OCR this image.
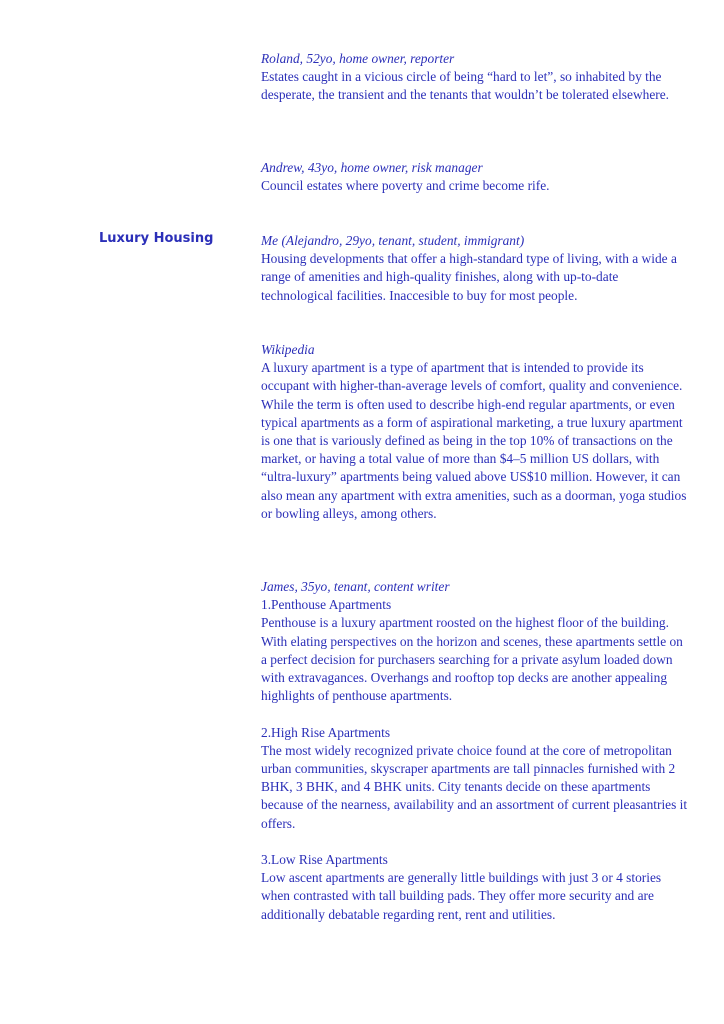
Roland, 52yo, home owner, reporter
Estates caught in a vicious circle of being “hard to let”, so inhabited by the desperate, the transient and the tenants that wouldn’t be tolerated elsewhere.
Andrew, 43yo, home owner, risk manager
Council estates where poverty and crime become rife.
Luxury Housing	Me (Alejandro, 29yo, tenant, student, immigrant)
Housing developments that offer a high-standard type of living, with a wide a range of amenities and high-quality finishes, along with up-to-date technological facilities. Inaccesible to buy for most people.
Wikipedia
A luxury apartment is a type of apartment that is intended to provide its occupant with higher-than-average levels of comfort, quality and convenience. While the term is often used to describe high-end regular apartments, or even typical apartments as a form of aspirational marketing, a true luxury apartment is one that is variously defined as being in the top 10% of transactions on the market, or having a total value of more than $4–5 million US dollars, with “ultra-luxury” apartments being valued above US$10 million. However, it can also mean any apartment with extra amenities, such as a doorman, yoga studios or bowling alleys, among others.
James, 35yo, tenant, content writer
1.Penthouse Apartments
Penthouse is a luxury apartment roosted on the highest floor of the building. With elating perspectives on the horizon and scenes, these apartments settle on a perfect decision for purchasers searching for a private asylum loaded down with extravagances. Overhangs and rooftop top decks are another appealing highlights of penthouse apartments.
2.High Rise Apartments
The most widely recognized private choice found at the core of metropolitan urban communities, skyscraper apartments are tall pinnacles furnished with 2 BHK, 3 BHK, and 4 BHK units. City tenants decide on these apartments because of the nearness, availability and an assortment of current pleasantries it offers.
3.Low Rise Apartments
Low ascent apartments are generally little buildings with just 3 or 4 stories when contrasted with tall building pads. They offer more security and are additionally debatable regarding rent, rent and utilities.
